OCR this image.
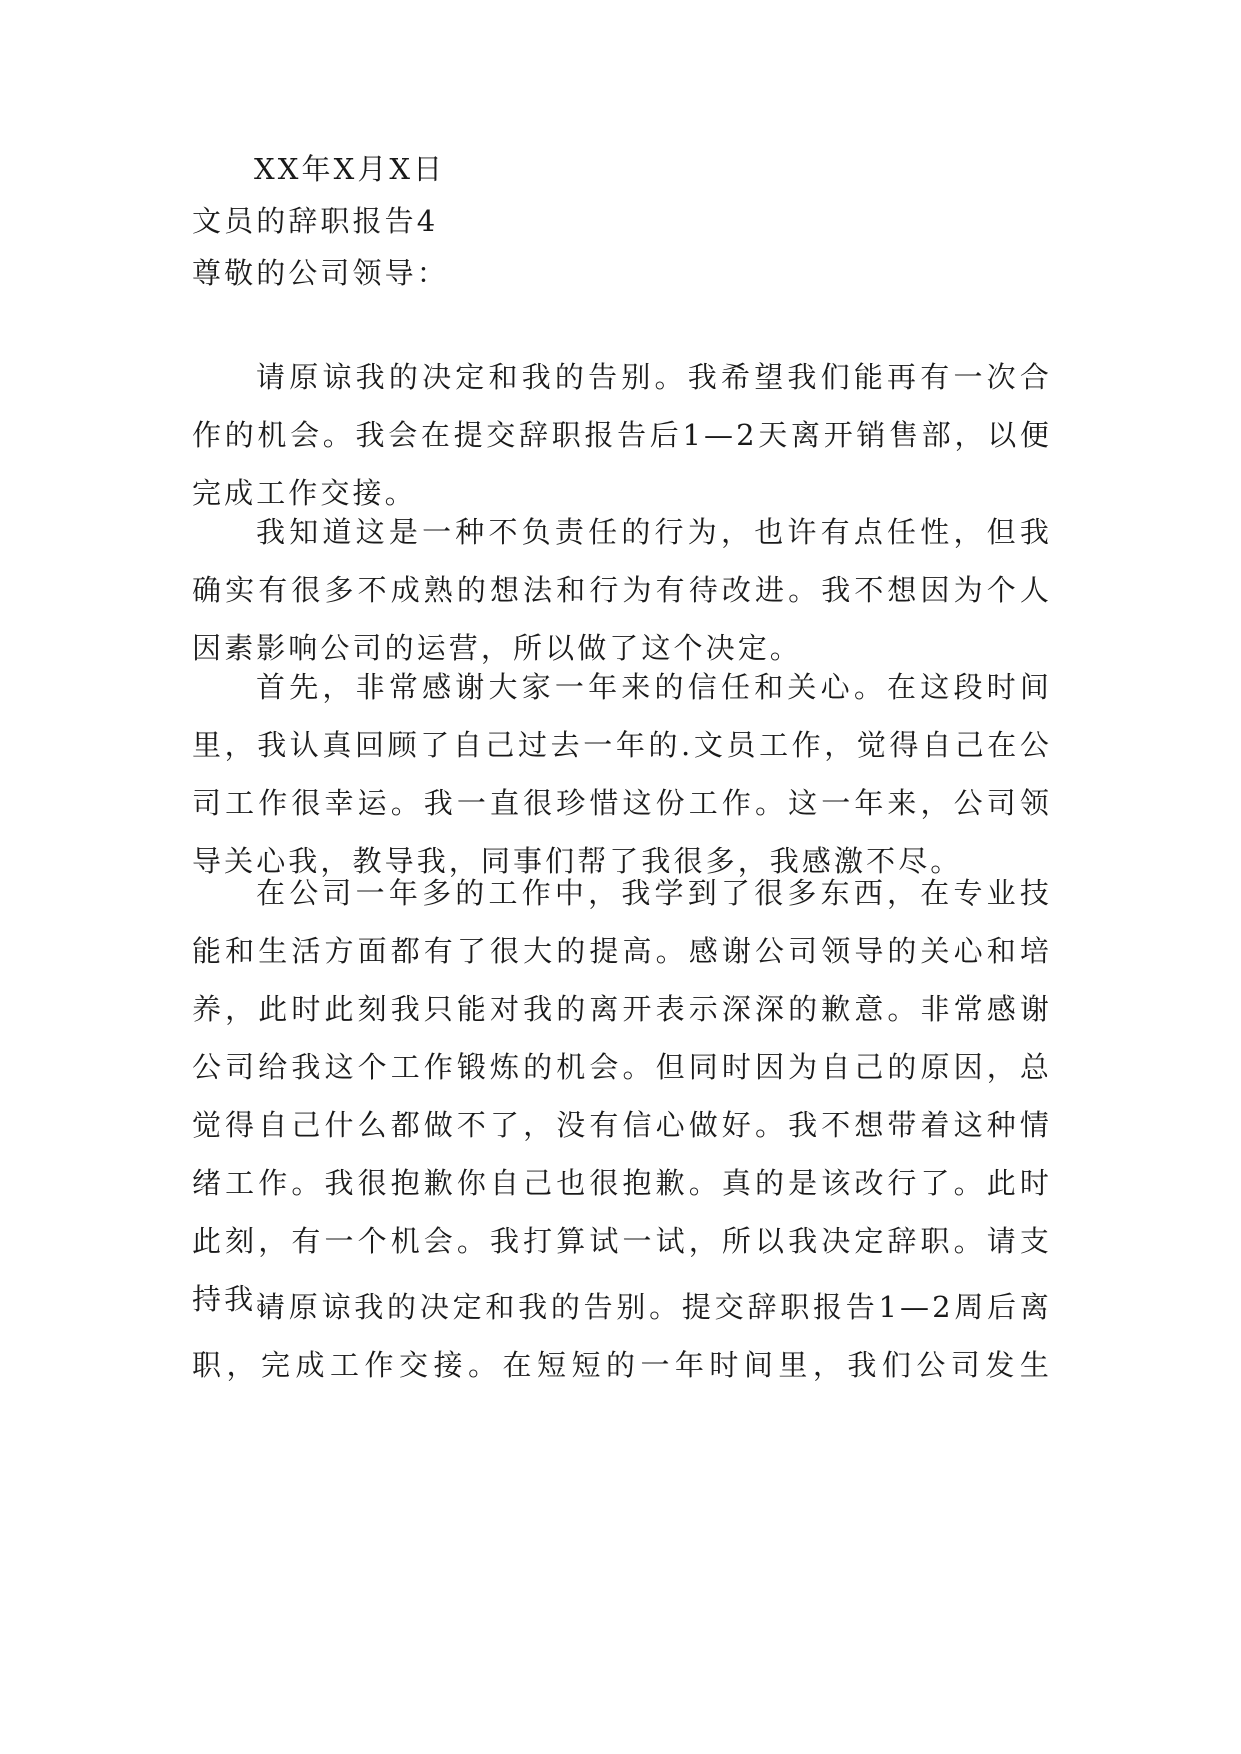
XX年X月X日

文员的辞职报告4

尊敬的公司领导：

请原谅我的决定和我的告别。我希望我们能再有一次合作的机会。我会在提交辞职报告后1—2天离开销售部，以便完成工作交接。

我知道这是一种不负责任的行为，也许有点任性，但我确实有很多不成熟的想法和行为有待改进。我不想因为个人因素影响公司的运营，所以做了这个决定。

首先，非常感谢大家一年来的信任和关心。在这段时间里，我认真回顾了自己过去一年的.文员工作，觉得自己在公司工作很幸运。我一直很珍惜这份工作。这一年来，公司领导关心我，教导我，同事们帮了我很多，我感激不尽。

在公司一年多的工作中，我学到了很多东西，在专业技能和生活方面都有了很大的提高。感谢公司领导的关心和培养，此时此刻我只能对我的离开表示深深的歉意。非常感谢公司给我这个工作锻炼的机会。但同时因为自己的原因，总觉得自己什么都做不了，没有信心做好。我不想带着这种情绪工作。我很抱歉你自己也很抱歉。真的是该改行了。此时此刻，有一个机会。我打算试一试，所以我决定辞职。请支持我。

请原谅我的决定和我的告别。提交辞职报告1—2周后离职，完成工作交接。在短短的一年时间里，我们公司发生
